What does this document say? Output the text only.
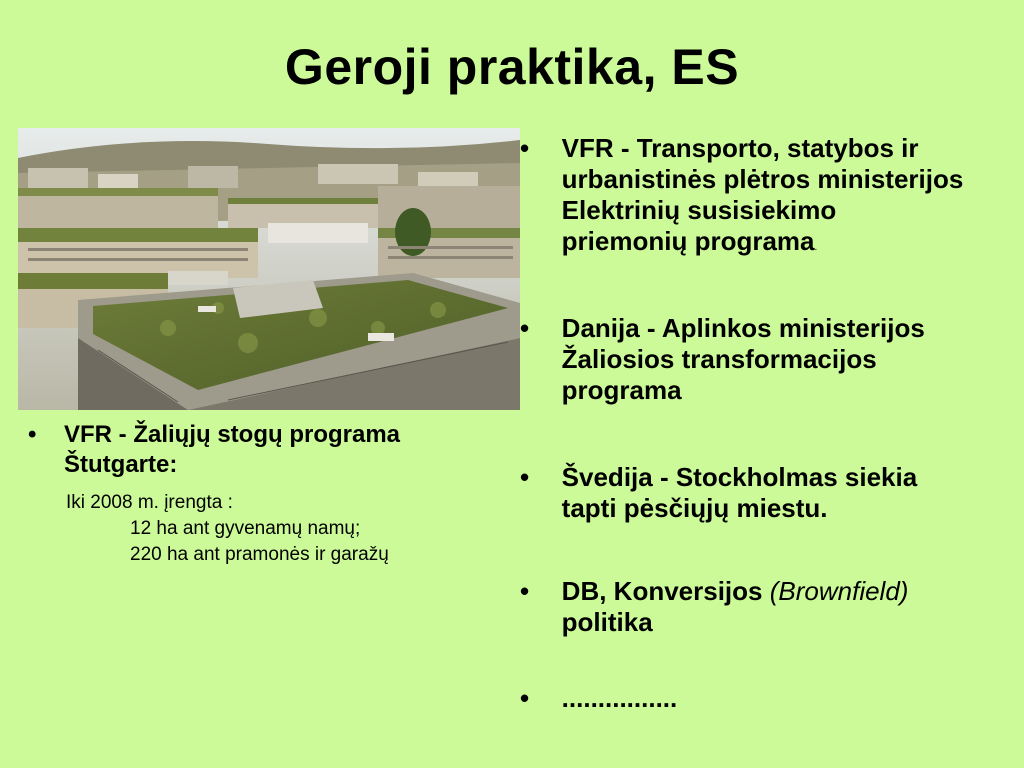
Geroji praktika, ES
•	VFR - Žaliųjų stogų programa
Štutgarte:
Iki 2008 m. įrengta :
12 ha ant gyvenamų namų;
220 ha ant pramonės ir garažų
•	VFR - Transporto, statybos ir
urbanistinės plėtros ministerijos
Elektrinių susisiekimo
priemonių programa.
•	Danija - Aplinkos ministerijos
Žaliosios transformacijos
programa
•	Švedija - Stockholmas siekia
tapti pėsčiųjų miestu.
•	DB, Konversijos (Brownfield)
politika
•	................
